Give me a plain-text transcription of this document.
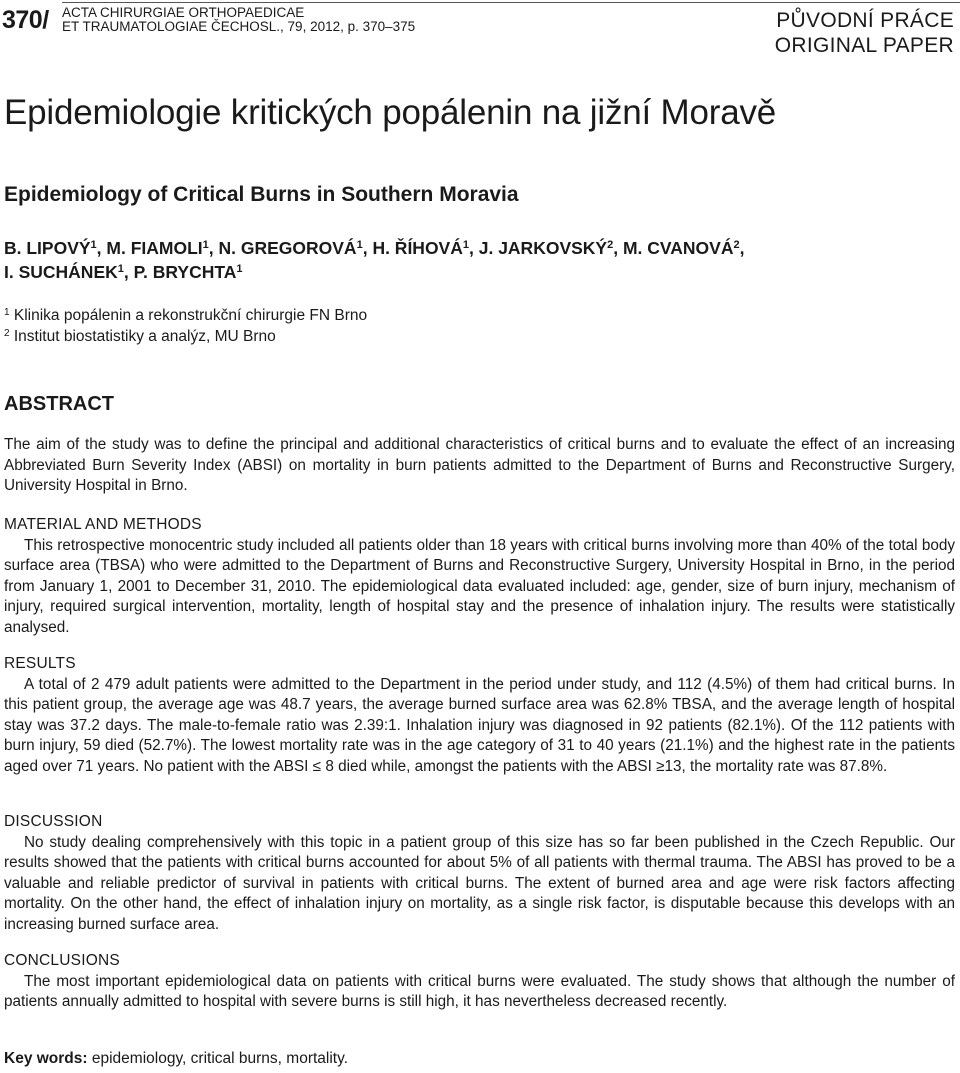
370/ ACTA CHIRURGIAE ORTHOPAEDICAE
ET TRAUMATOLOGIAE ČECHOSL., 79, 2012, p. 370–375	PŮVODNÍ PRÁCE
ORIGINAL PAPER
Epidemiologie kritických popálenin na jižní Moravě
Epidemiology of Critical Burns in Southern Moravia
B. LIPOVÝ$^1$, M. FIAMOLI$^1$, N. GREGOROVÁ$^1$, H. ŘÍHOVÁ$^1$, J. JARKOVSKÝ$^2$, M. CVANOVÁ$^2$,
I. SUCHÁNEK$^1$, P. BRYCHTA$^1$
$^1$ Klinika popálenin a rekonstrukční chirurgie FN Brno
$^2$ Institut biostatistiky a analýz, MU Brno
ABSTRACT

The aim of the study was to define the principal and additional characteristics of critical burns and to evaluate the effect of an increasing Abbreviated Burn Severity Index (ABSI) on mortality in burn patients admitted to the Department of Burns and Reconstructive Surgery, University Hospital in Brno.

MATERIAL AND METHODS

This retrospective monocentric study included all patients older than 18 years with critical burns involving more than 40% of the total body surface area (TBSA) who were admitted to the Department of Burns and Reconstructive Surgery, University Hospital in Brno, in the period from January 1, 2001 to December 31, 2010. The epidemiological data evaluated included: age, gender, size of burn injury, mechanism of injury, required surgical intervention, mortality, length of hospital stay and the presence of inhalation injury. The results were statistically analysed.

RESULTS

A total of 2 479 adult patients were admitted to the Department in the period under study, and 112 (4.5%) of them had critical burns. In this patient group, the average age was 48.7 years, the average burned surface area was 62.8% TBSA, and the average length of hospital stay was 37.2 days. The male-to-female ratio was 2.39:1. Inhalation injury was diagnosed in 92 patients (82.1%). Of the 112 patients with burn injury, 59 died (52.7%). The lowest mortality rate was in the age category of 31 to 40 years (21.1%) and the highest rate in the patients aged over 71 years. No patient with the ABSI ≤ 8 died while, amongst the patients with the ABSI ≥13, the mortality rate was 87.8%.

DISCUSSION

No study dealing comprehensively with this topic in a patient group of this size has so far been published in the Czech Republic. Our results showed that the patients with critical burns accounted for about 5% of all patients with thermal trauma. The ABSI has proved to be a valuable and reliable predictor of survival in patients with critical burns. The extent of burned area and age were risk factors affecting mortality. On the other hand, the effect of inhalation injury on mortality, as a single risk factor, is disputable because this develops with an increasing burned surface area.

CONCLUSIONS

The most important epidemiological data on patients with critical burns were evaluated. The study shows that although the number of patients annually admitted to hospital with severe burns is still high, it has nevertheless decreased recently.

Key words: epidemiology, critical burns, mortality.
